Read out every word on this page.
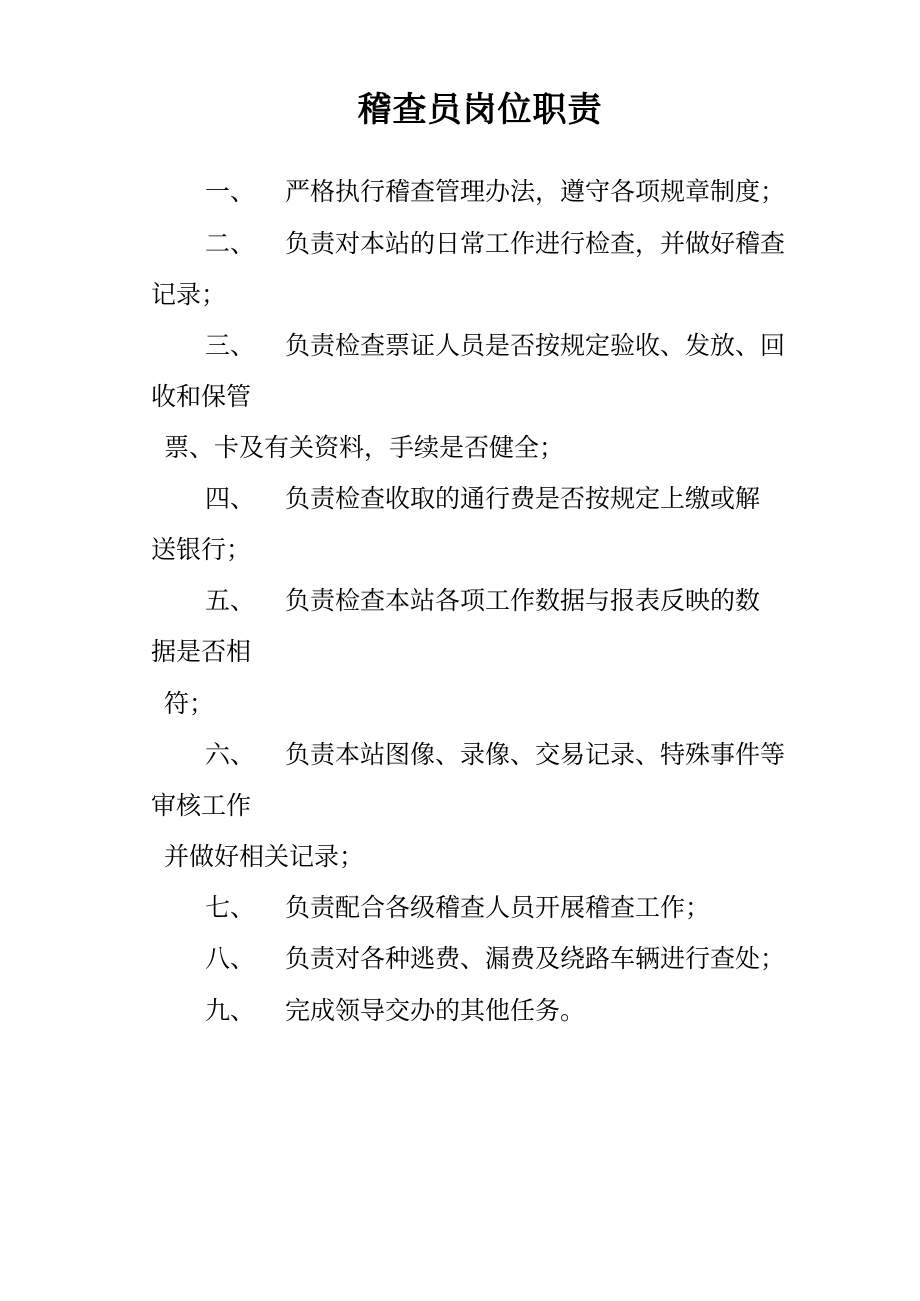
稽查员岗位职责
一、 严格执行稽查管理办法，遵守各项规章制度；
二、 负责对本站的日常工作进行检查，并做好稽查
记录；
三、 负责检查票证人员是否按规定验收、发放、回
收和保管
票、卡及有关资料，手续是否健全；
四、 负责检查收取的通行费是否按规定上缴或解
送银行；
五、 负责检查本站各项工作数据与报表反映的数
据是否相
符；
六、 负责本站图像、录像、交易记录、特殊事件等
审核工作
并做好相关记录；
七、 负责配合各级稽查人员开展稽查工作；
八、 负责对各种逃费、漏费及绕路车辆进行查处；
九、 完成领导交办的其他任务。
